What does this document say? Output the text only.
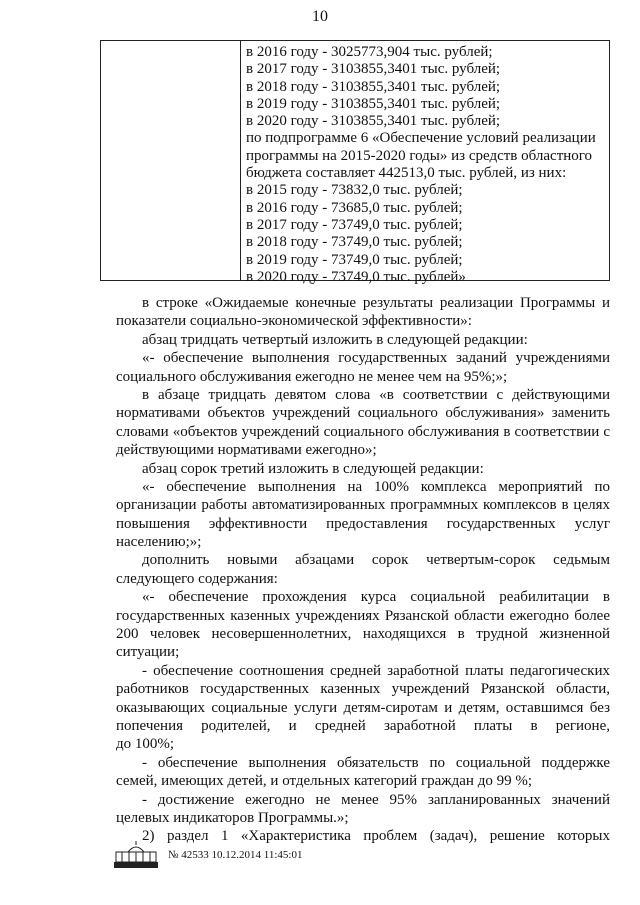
10
в 2016 году - 3025773,904 тыс. рублей;
в 2017 году - 3103855,3401 тыс. рублей;
в 2018 году - 3103855,3401 тыс. рублей;
в 2019 году - 3103855,3401 тыс. рублей;
в 2020 году - 3103855,3401 тыс. рублей;
по подпрограмме 6 «Обеспечение условий реализации
программы на 2015-2020 годы» из средств областного
бюджета составляет 442513,0 тыс. рублей, из них:
в 2015 году - 73832,0 тыс. рублей;
в 2016 году - 73685,0 тыс. рублей;
в 2017 году - 73749,0 тыс. рублей;
в 2018 году - 73749,0 тыс. рублей;
в 2019 году - 73749,0 тыс. рублей;
в 2020 году - 73749,0 тыс. рублей»
в строке «Ожидаемые конечные результаты реализации Программы и
показатели социально-экономической эффективности»:
абзац тридцать четвертый изложить в следующей редакции:
«- обеспечение выполнения государственных заданий учреждениями
социального обслуживания ежегодно не менее чем на 95%;»;
в абзаце тридцать девятом слова «в соответствии с действующими
нормативами объектов учреждений социального обслуживания» заменить
словами «объектов учреждений социального обслуживания в соответствии с
действующими нормативами ежегодно»;
абзац сорок третий изложить в следующей редакции:
«- обеспечение выполнения на 100% комплекса мероприятий по
организации работы автоматизированных программных комплексов в целях
повышения эффективности предоставления государственных услуг
населению;»;
дополнить новыми абзацами сорок четвертым-сорок седьмым
следующего содержания:
«- обеспечение прохождения курса социальной реабилитации в
государственных казенных учреждениях Рязанской области ежегодно более
200 человек несовершеннолетних, находящихся в трудной жизненной
ситуации;
- обеспечение соотношения средней заработной платы педагогических
работников государственных казенных учреждений Рязанской области,
оказывающих социальные услуги детям-сиротам и детям, оставшимся без
попечения родителей, и средней заработной платы в регионе,
до 100%;
- обеспечение выполнения обязательств по социальной поддержке
семей, имеющих детей, и отдельных категорий граждан до 99 %;
- достижение ежегодно не менее 95% запланированных значений
целевых индикаторов Программы.»;
2) раздел 1 «Характеристика проблем (задач), решение которых
№ 42533 10.12.2014 11:45:01
